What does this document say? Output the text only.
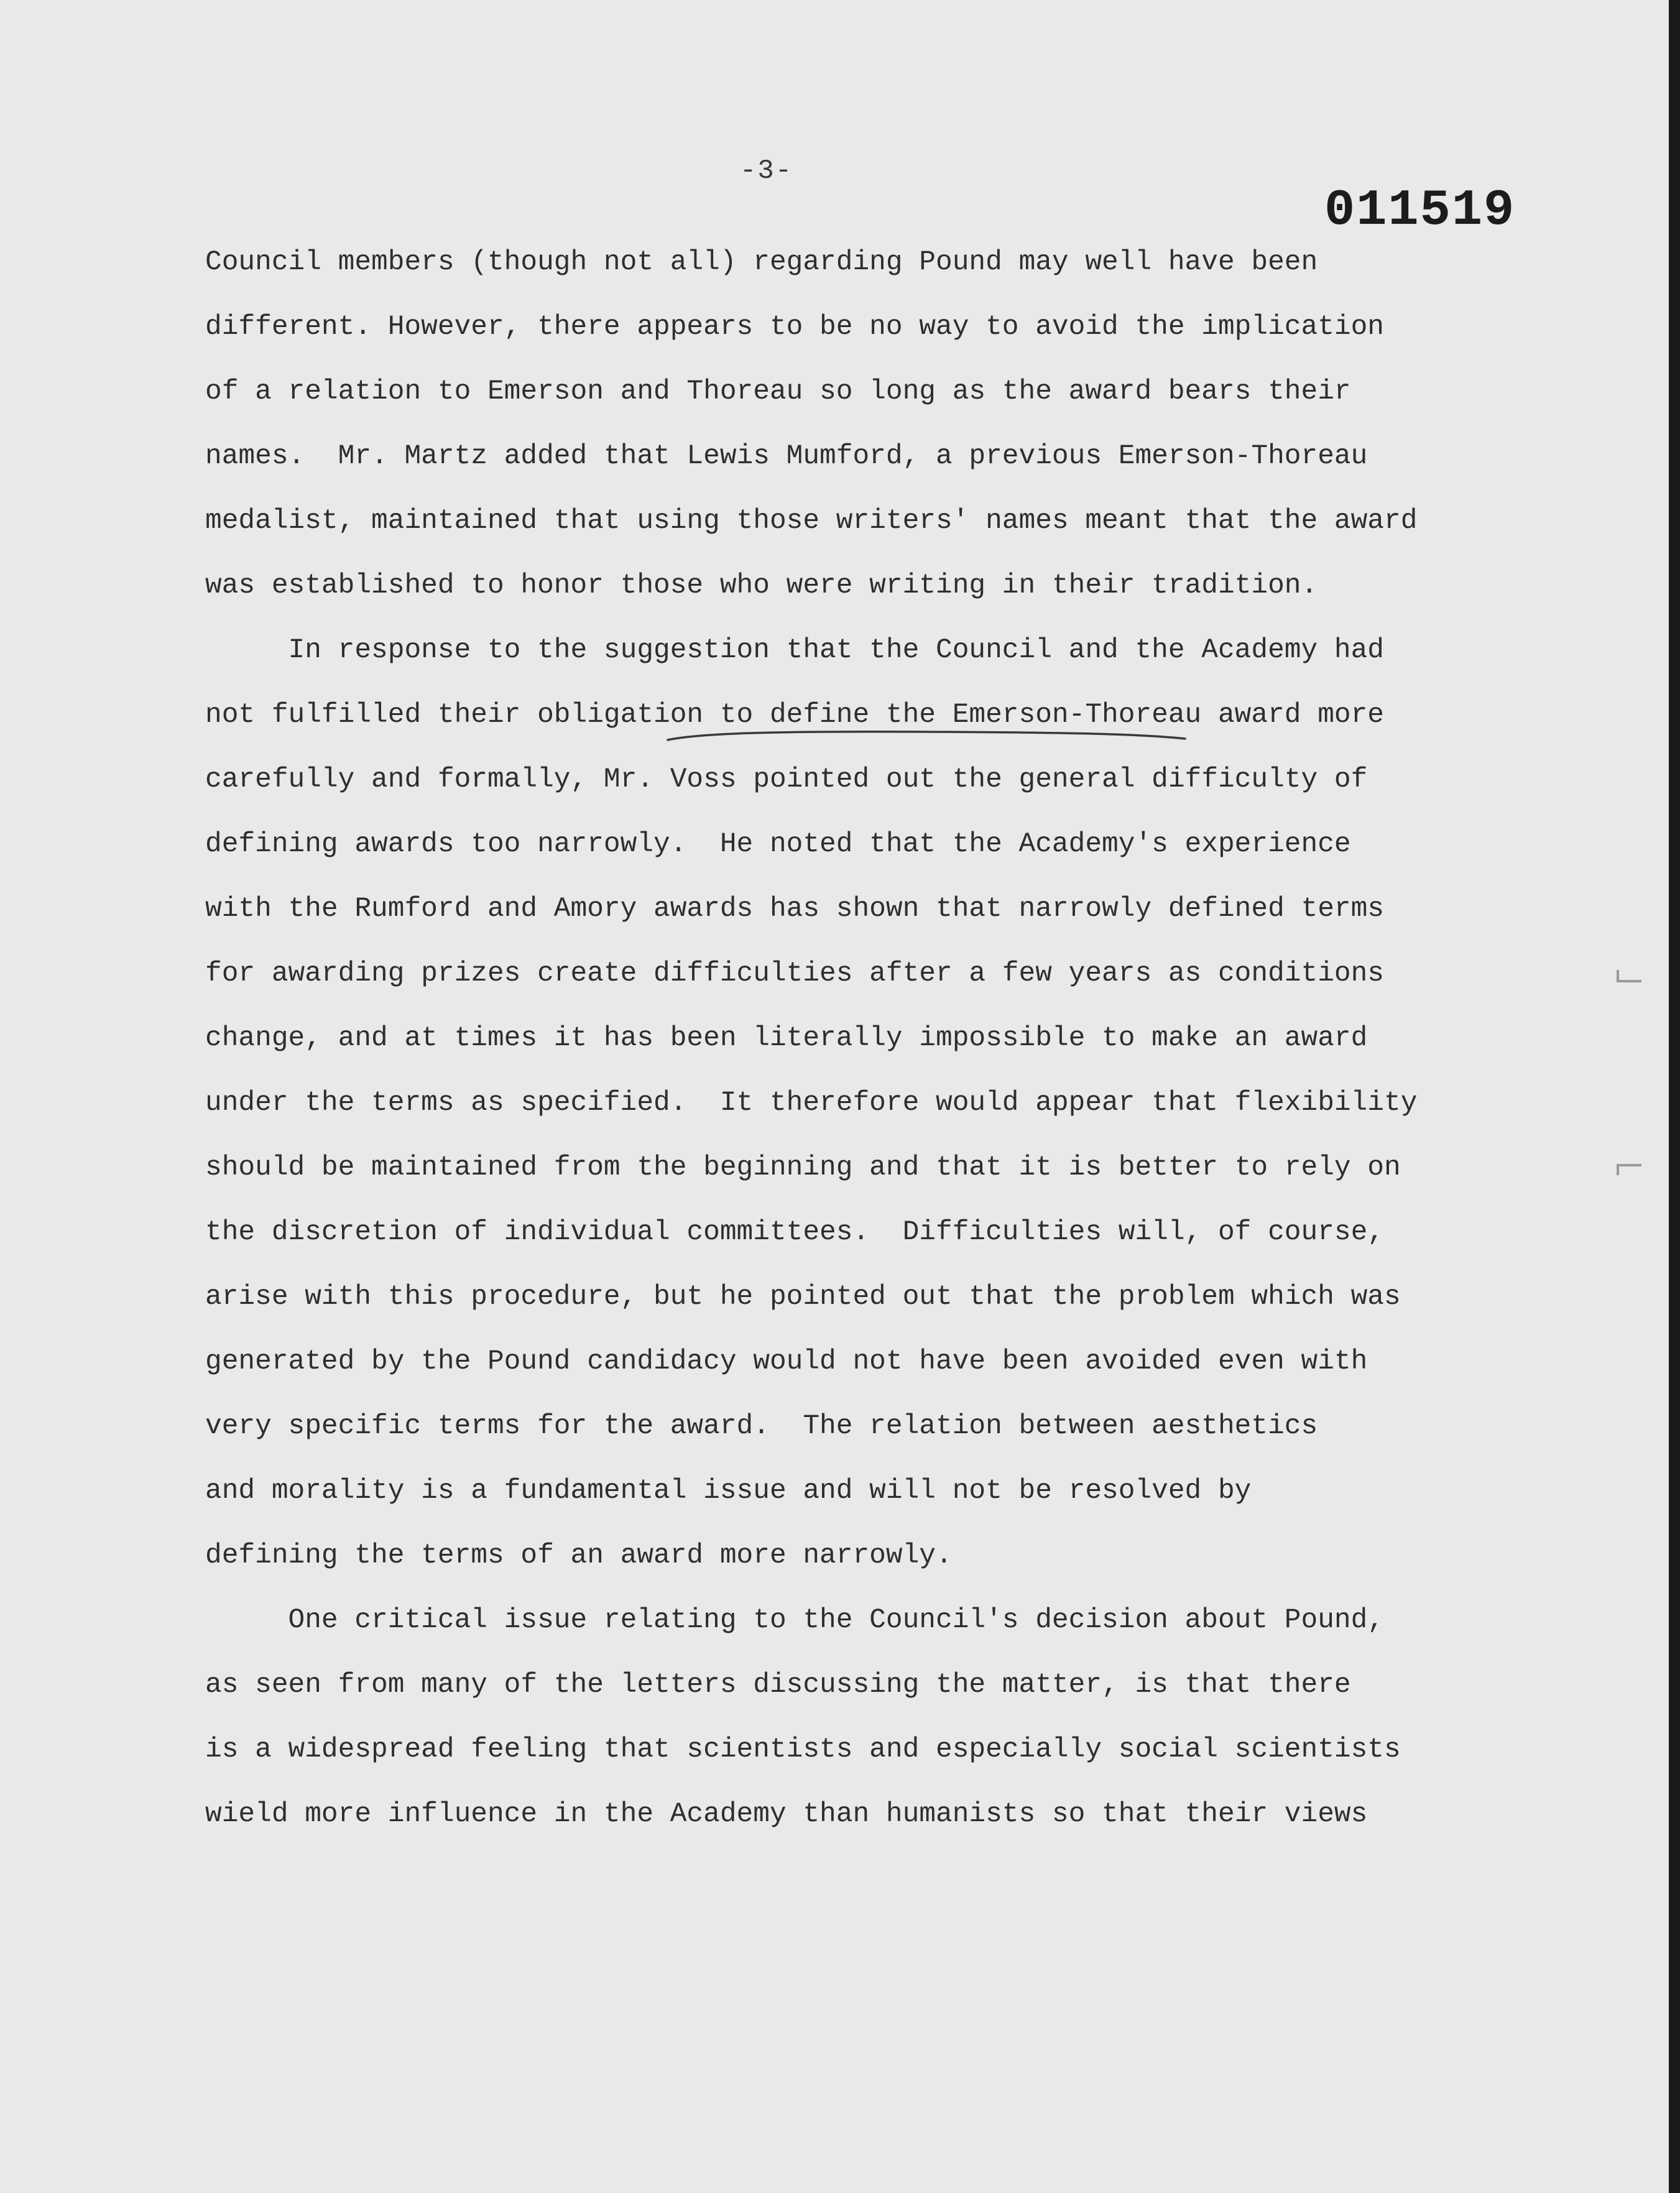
-3-
011519
Council members (though not all) regarding Pound may well have been
different. However, there appears to be no way to avoid the implication
of a relation to Emerson and Thoreau so long as the award bears their
names.  Mr. Martz added that Lewis Mumford, a previous Emerson-Thoreau
medalist, maintained that using those writers' names meant that the award
was established to honor those who were writing in their tradition.
In response to the suggestion that the Council and the Academy had
not fulfilled their obligation to define the Emerson-Thoreau award more
carefully and formally, Mr. Voss pointed out the general difficulty of
defining awards too narrowly.  He noted that the Academy's experience
with the Rumford and Amory awards has shown that narrowly defined terms
for awarding prizes create difficulties after a few years as conditions
change, and at times it has been literally impossible to make an award
under the terms as specified.  It therefore would appear that flexibility
should be maintained from the beginning and that it is better to rely on
the discretion of individual committees.  Difficulties will, of course,
arise with this procedure, but he pointed out that the problem which was
generated by the Pound candidacy would not have been avoided even with
very specific terms for the award.  The relation between aesthetics
and morality is a fundamental issue and will not be resolved by
defining the terms of an award more narrowly.
One critical issue relating to the Council's decision about Pound,
as seen from many of the letters discussing the matter, is that there
is a widespread feeling that scientists and especially social scientists
wield more influence in the Academy than humanists so that their views
